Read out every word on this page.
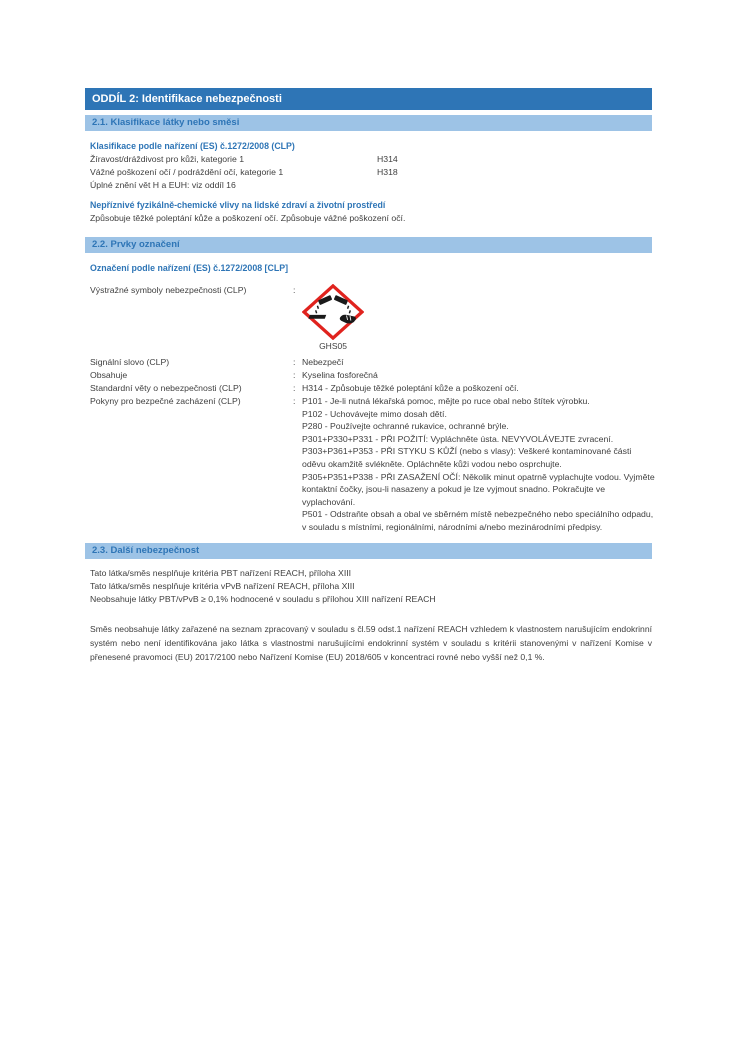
ODDÍL 2: Identifikace nebezpečnosti
2.1. Klasifikace látky nebo směsi
Klasifikace podle nařízení (ES) č.1272/2008 (CLP)
Žíravost/dráždivost pro kůži, kategorie 1	H314
Vážné poškození očí / podráždění očí, kategorie 1	H318
Úplné znění vět H a EUH: viz oddíl 16
Nepříznivé fyzikálně-chemické vlivy na lidské zdraví a životní prostředí
Způsobuje těžké poleptání kůže a poškození očí. Způsobuje vážné poškození očí.
2.2. Prvky označení
Označení podle nařízení (ES) č.1272/2008 [CLP]
Výstražné symboly nebezpečnosti (CLP)	:
GHS05
Signální slovo (CLP)	: Nebezpečí
Obsahuje	: Kyselina fosforečná
Standardní věty o nebezpečnosti (CLP)	: H314 - Způsobuje těžké poleptání kůže a poškození očí.
Pokyny pro bezpečné zacházení (CLP)	: P101 - Je-li nutná lékařská pomoc, mějte po ruce obal nebo štítek výrobku.
P102 - Uchovávejte mimo dosah dětí.
P280 - Používejte ochranné rukavice, ochranné brýle.
P301+P330+P331 - PŘI POŽITÍ: Vypláchněte ústa. NEVYVOLÁVEJTE zvracení.
P303+P361+P353 - PŘI STYKU S KŮŽÍ (nebo s vlasy): Veškeré kontaminované části
oděvu okamžitě svlékněte. Opláchněte kůži vodou nebo osprchujte.
P305+P351+P338 - PŘI ZASAŽENÍ OČÍ: Několik minut opatrně vyplachujte vodou. Vyjměte
kontaktní čočky, jsou-li nasazeny a pokud je lze vyjmout snadno. Pokračujte ve
vyplachování.
P501 - Odstraňte obsah a obal ve sběrném místě nebezpečného nebo speciálního odpadu,
v souladu s místními, regionálními, národními a/nebo mezinárodními předpisy.
2.3. Další nebezpečnost
Tato látka/směs nesplňuje kritéria PBT nařízení REACH, příloha XIII
Tato látka/směs nesplňuje kritéria vPvB nařízení REACH, příloha XIII
Neobsahuje látky PBT/vPvB ≥ 0,1% hodnocené v souladu s přílohou XIII nařízení REACH
Směs neobsahuje látky zařazené na seznam zpracovaný v souladu s čl.59 odst.1 nařízení REACH vzhledem k vlastnostem narušujícím endokrinní systém nebo není identifikována jako látka s vlastnostmi narušujícími endokrinní systém v souladu s kritérii stanovenými v nařízení Komise v přenesené pravomoci (EU) 2017/2100 nebo Nařízení Komise (EU) 2018/605 v koncentraci rovné nebo vyšší než 0,1 %.
